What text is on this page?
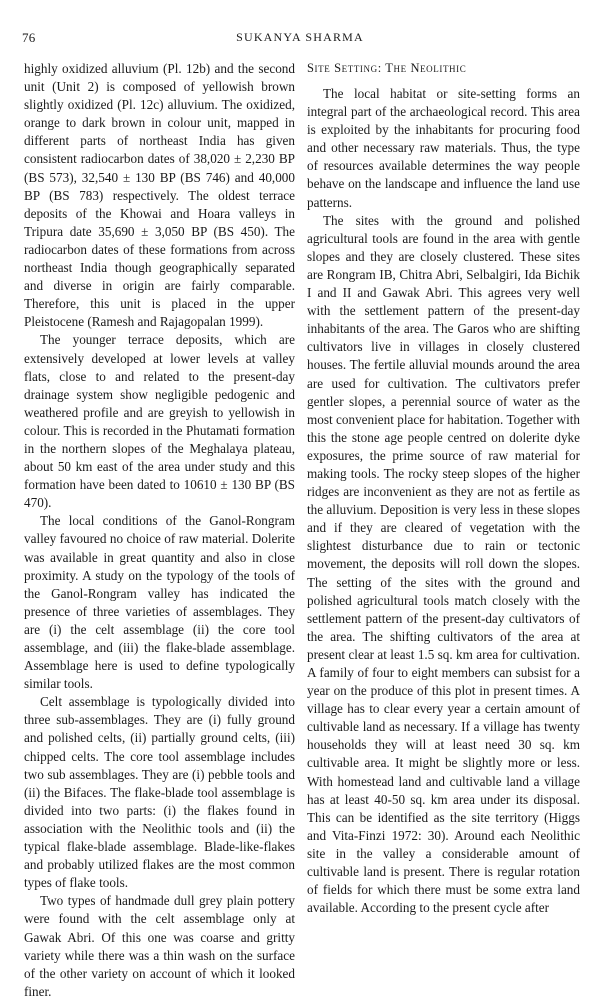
76	SUKANYA SHARMA

highly oxidized alluvium (Pl. 12b) and the second unit (Unit 2) is composed of yellowish brown slightly oxidized (Pl. 12c) alluvium. The oxidized, orange to dark brown in colour unit, mapped in different parts of northeast India has given consistent radiocarbon dates of 38,020 ± 2,230 BP (BS 573), 32,540 ± 130 BP (BS 746) and 40,000 BP (BS 783) respectively. The oldest terrace deposits of the Khowai and Hoara valleys in Tripura date 35,690 ± 3,050 BP (BS 450). The radiocarbon dates of these formations from across northeast India though geographically separated and diverse in origin are fairly comparable. Therefore, this unit is placed in the upper Pleistocene (Ramesh and Rajagopalan 1999).

The younger terrace deposits, which are extensively developed at lower levels at valley flats, close to and related to the present-day drainage system show negligible pedogenic and weathered profile and are greyish to yellowish in colour. This is recorded in the Phutamati formation in the northern slopes of the Meghalaya plateau, about 50 km east of the area under study and this formation have been dated to 10610 ± 130 BP (BS 470).

The local conditions of the Ganol-Rongram valley favoured no choice of raw material. Dolerite was available in great quantity and also in close proximity. A study on the typology of the tools of the Ganol-Rongram valley has indicated the presence of three varieties of assemblages. They are (i) the celt assemblage (ii) the core tool assemblage, and (iii) the flake-blade assemblage. Assemblage here is used to define typologically similar tools.

Celt assemblage is typologically divided into three sub-assemblages. They are (i) fully ground and polished celts, (ii) partially ground celts, (iii) chipped celts. The core tool assemblage includes two sub assemblages. They are (i) pebble tools and (ii) the Bifaces. The flake-blade tool assemblage is divided into two parts: (i) the flakes found in association with the Neolithic tools and (ii) the typical flake-blade assemblage. Blade-like-flakes and probably utilized flakes are the most common types of flake tools.

Two types of handmade dull grey plain pottery were found with the celt assemblage only at Gawak Abri. Of this one was coarse and gritty variety while there was a thin wash on the surface of the other variety on account of which it looked finer.

Site Setting: The Neolithic

The local habitat or site-setting forms an integral part of the archaeological record. This area is exploited by the inhabitants for procuring food and other necessary raw materials. Thus, the type of resources available determines the way people behave on the landscape and influence the land use patterns.

The sites with the ground and polished agricultural tools are found in the area with gentle slopes and they are closely clustered. These sites are Rongram IB, Chitra Abri, Selbalgiri, Ida Bichik I and II and Gawak Abri. This agrees very well with the settlement pattern of the present-day inhabitants of the area. The Garos who are shifting cultivators live in villages in closely clustered houses. The fertile alluvial mounds around the area are used for cultivation. The cultivators prefer gentler slopes, a perennial source of water as the most convenient place for habitation. Together with this the stone age people centred on dolerite dyke exposures, the prime source of raw material for making tools. The rocky steep slopes of the higher ridges are inconvenient as they are not as fertile as the alluvium. Deposition is very less in these slopes and if they are cleared of vegetation with the slightest disturbance due to rain or tectonic movement, the deposits will roll down the slopes. The setting of the sites with the ground and polished agricultural tools match closely with the settlement pattern of the present-day cultivators of the area. The shifting cultivators of the area at present clear at least 1.5 sq. km area for cultivation. A family of four to eight members can subsist for a year on the produce of this plot in present times. A village has to clear every year a certain amount of cultivable land as necessary. If a village has twenty households they will at least need 30 sq. km cultivable area. It might be slightly more or less. With homestead land and cultivable land a village has at least 40-50 sq. km area under its disposal. This can be identified as the site territory (Higgs and Vita-Finzi 1972: 30). Around each Neolithic site in the valley a considerable amount of cultivable land is present. There is regular rotation of fields for which there must be some extra land available. According to the present cycle after
